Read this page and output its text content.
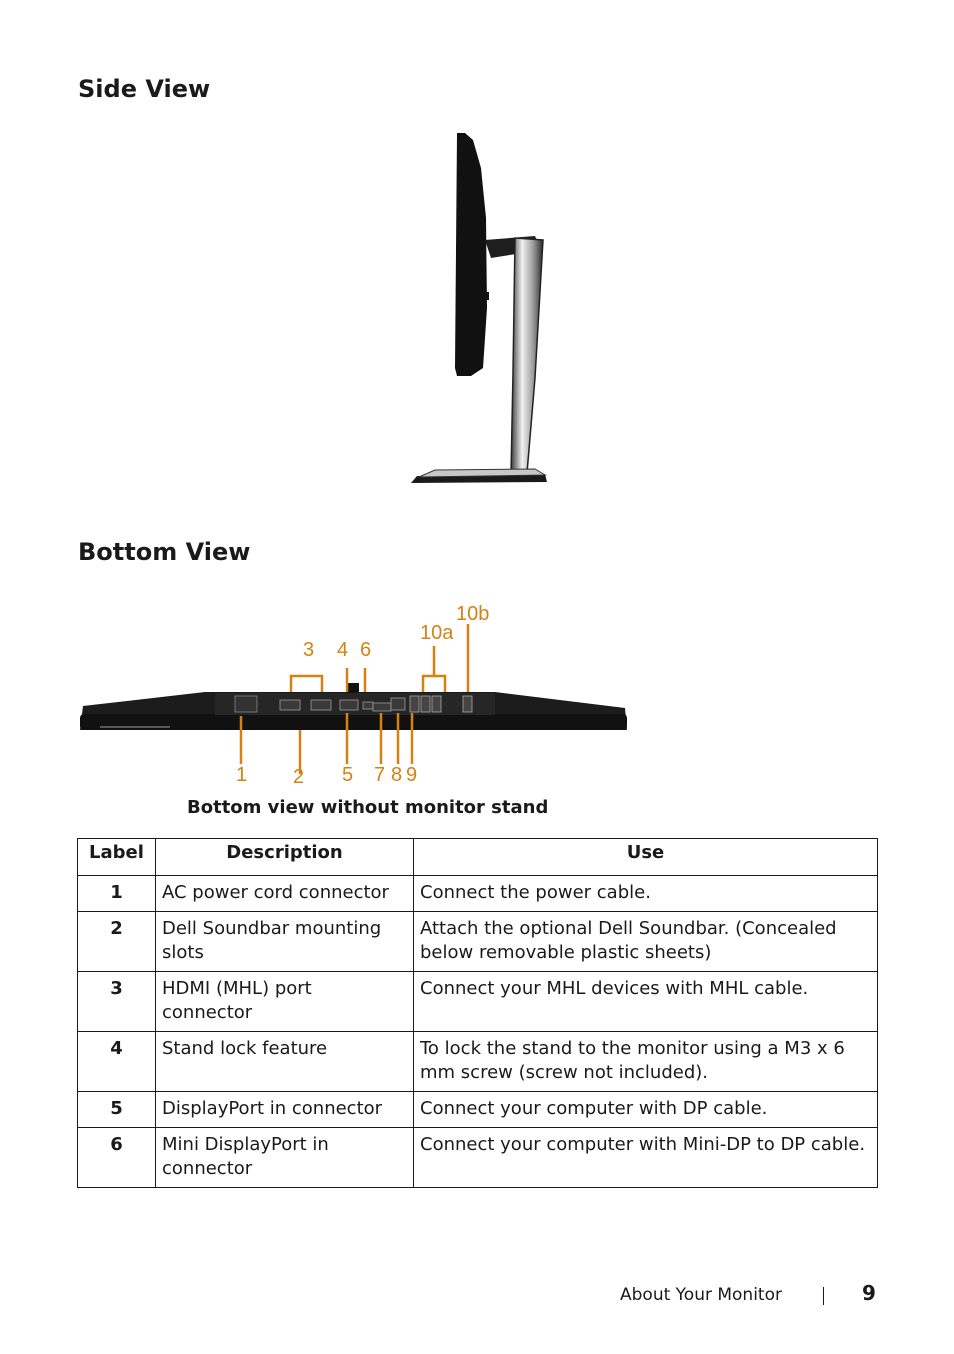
Side View
Bottom View
3 4 6
10a
10b
1 2 5 7 8 9

Bottom view without monitor stand

Label	Description	Use
1	AC power cord connector	Connect the power cable.
2	Dell Soundbar mounting slots	Attach the optional Dell Soundbar. (Concealed below removable plastic sheets)
3	HDMI (MHL) port connector	Connect your MHL devices with MHL cable.
4	Stand lock feature	To lock the stand to the monitor using a M3 x 6 mm screw (screw not included).
5	DisplayPort in connector	Connect your computer with DP cable.
6	Mini DisplayPort in connector	Connect your computer with Mini-DP to DP cable.
About Your Monitor	9
